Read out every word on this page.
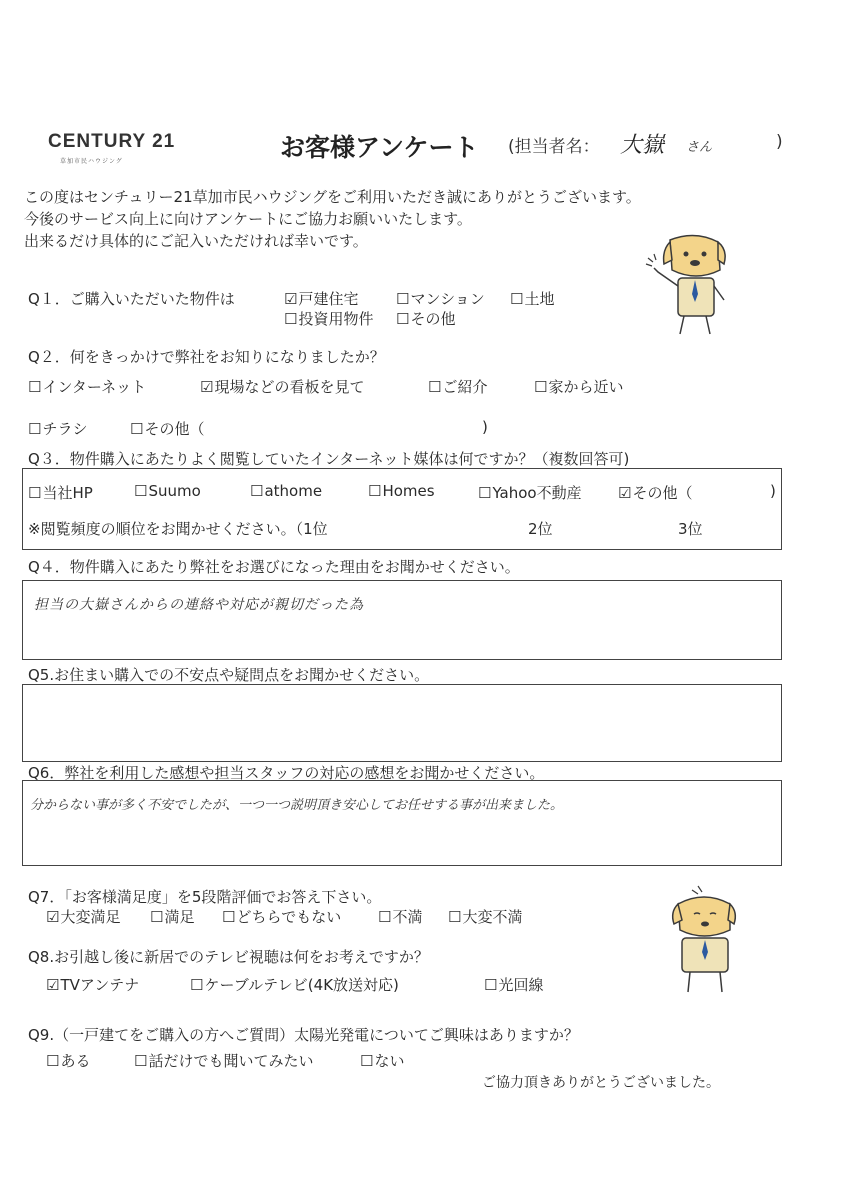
CENTURY 21
草加市民ハウジング	お客様アンケート (担当者名： 大嶽 さん	)
この度はセンチュリー21草加市民ハウジングをご利用いただき誠にありがとうございます。
今後のサービス向上に向けアンケートにご協力お願いいたします。
出来るだけ具体的にご記入いただければ幸いです。
Q１．ご購入いただいた物件は	☑ 戸建住宅	☐ マンション	☐ 土地
☐ 投資用物件	☐ その他
Q２．何をきっかけで弊社をお知りになりましたか？
☐ インターネット	☑ 現場などの看板を見て	☐ ご紹介	☐ 家から近い
☐ チラシ	☐ その他（	)
Q３．物件購入にあたりよく閲覧していたインターネット媒体は何ですか？（複数回答可)
☐ 当社HP	☐ Suumo	☐ athome	☐ Homes	☐ Yahoo不動産	☑ その他（	)
※閲覧頻度の順位をお聞かせください。（1位	2位	3位
Q４．物件購入にあたり弊社をお選びになった理由をお聞かせください。
担当の大嶽さんからの連絡や対応が親切だった為
Q5.お住まい購入での不安点や疑問点をお聞かせください。
Q6．弊社を利用した感想や担当スタッフの対応の感想をお聞かせください。
分からない事が多く不安でしたが、一つ一つ説明頂き安心してお任せする事が出来ました。
Q7．「お客様満足度」を5段階評価でお答え下さい。
☑ 大変満足	☐ 満足	☐ どちらでもない	☐ 不満	☐ 大変不満
Q8.お引越し後に新居でのテレビ視聴は何をお考えですか？
☑ TVアンテナ	☐ ケーブルテレビ(4K放送対応)	☐ 光回線
Q9.（一戸建てをご購入の方へご質問）太陽光発電についてご興味はありますか？
☐ ある	☐ 話だけでも聞いてみたい	☐ ない
ご協力頂きありがとうございました。
